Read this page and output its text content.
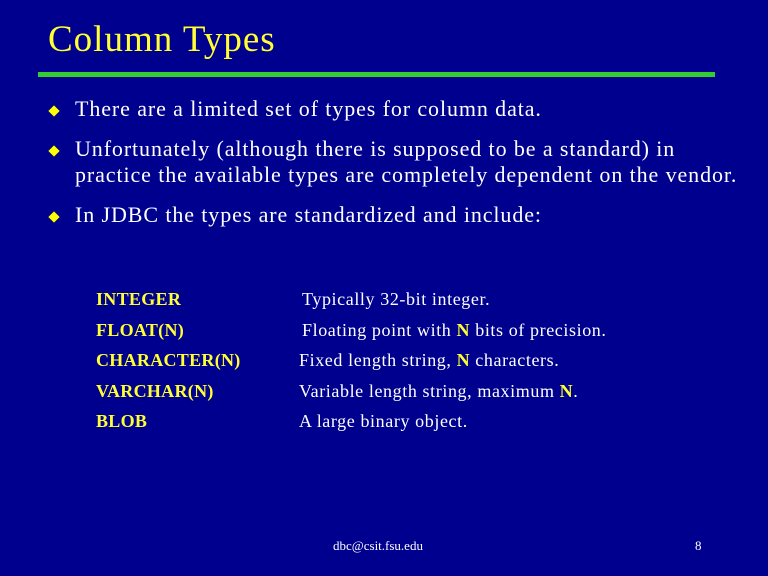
Column Types
There are a limited set of types for column data.
Unfortunately (although there is supposed to be a standard) in practice the available types are completely dependent on the vendor.
In JDBC the types are standardized and include:
INTEGER	Typically 32-bit integer.
FLOAT(N)	Floating point with N bits of precision.
CHARACTER(N)	Fixed length string, N characters.
VARCHAR(N)	Variable length string, maximum N.
BLOB	A large binary object.
dbc@csit.fsu.edu	8
